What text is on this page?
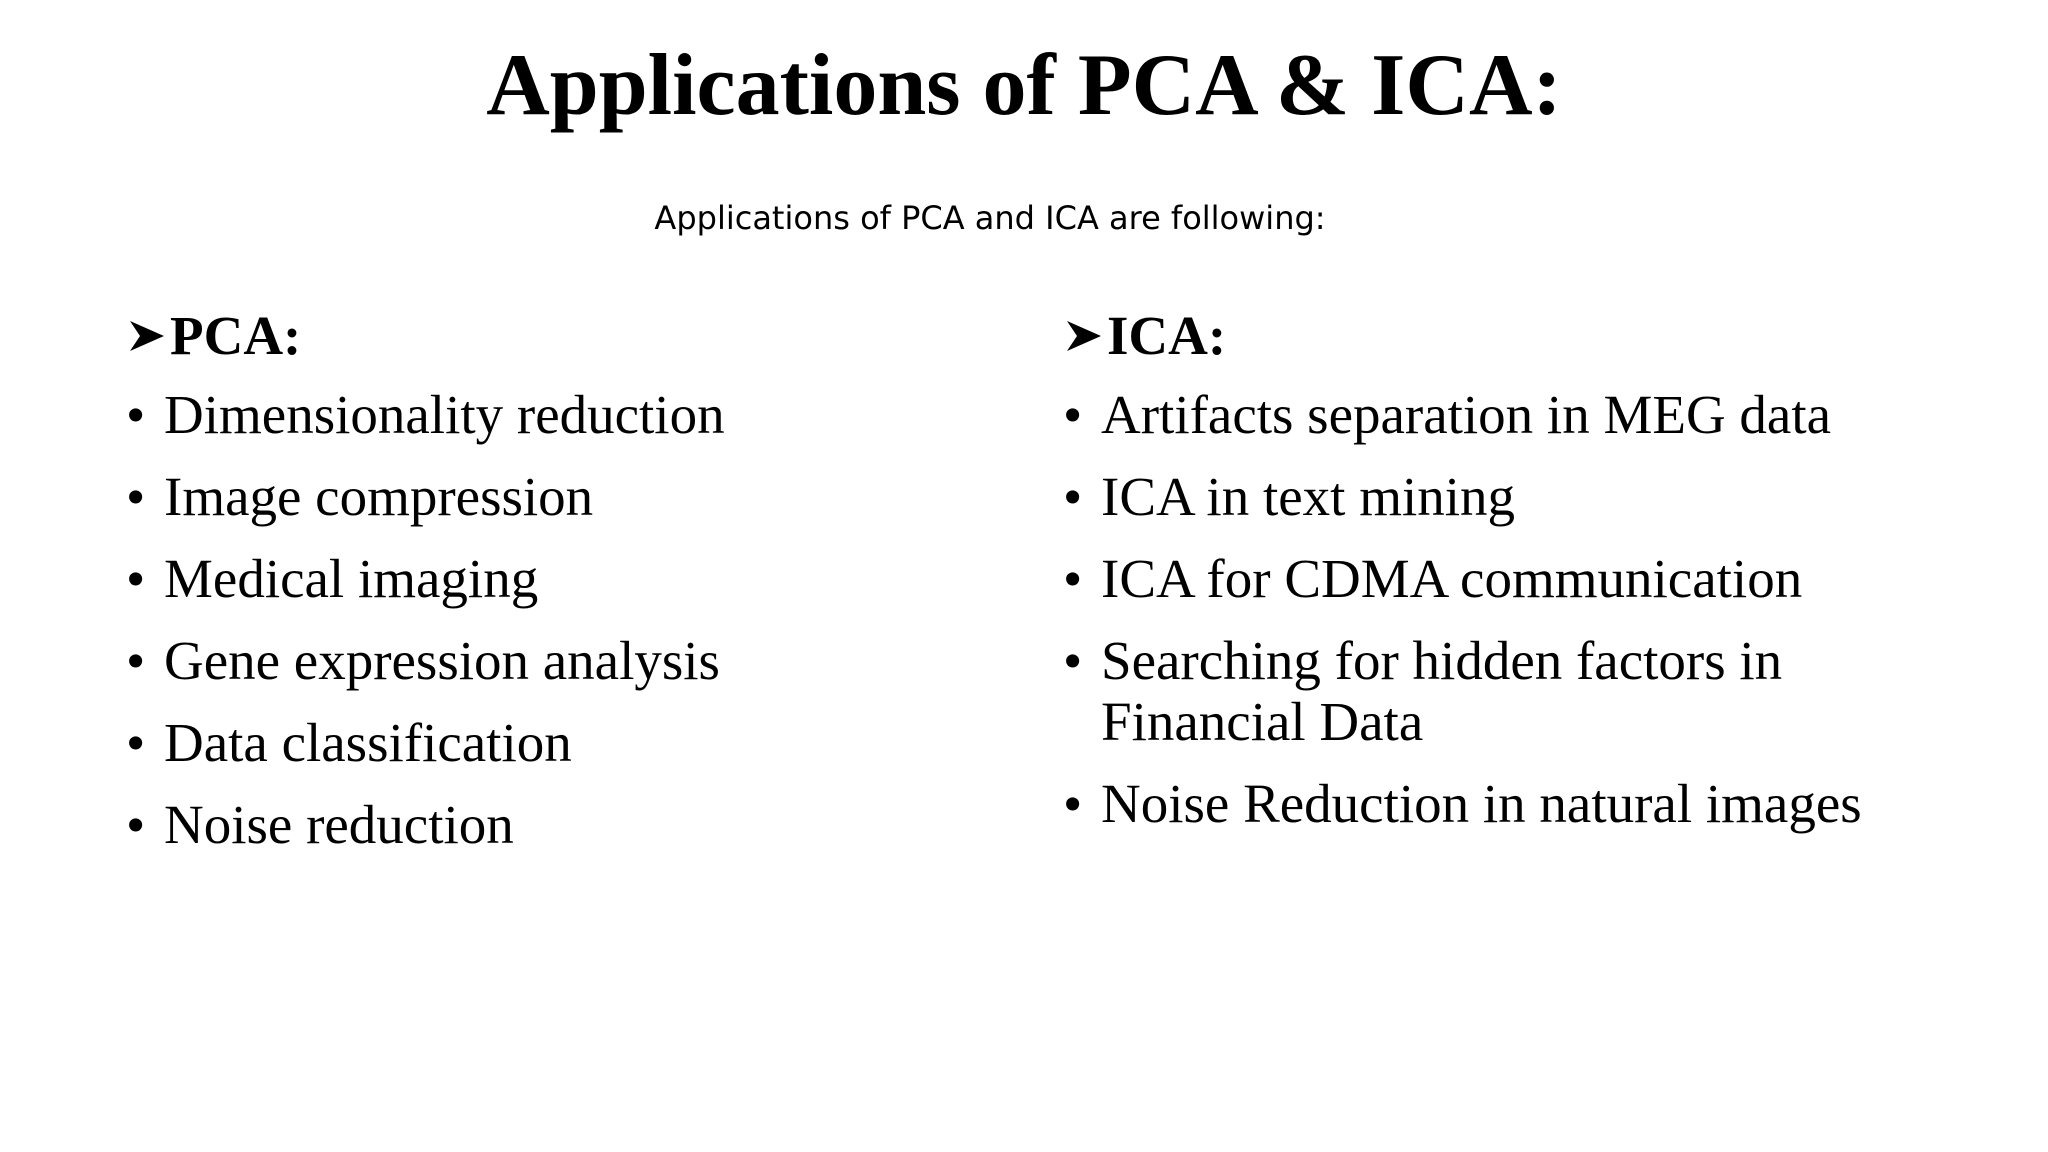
Applications of PCA & ICA:

Applications of PCA and ICA are following:

PCA:
• Dimensionality reduction
• Image compression
• Medical imaging
• Gene expression analysis
• Data classification
• Noise reduction
ICA:
• Artifacts separation in MEG data
• ICA in text mining
• ICA for CDMA communication
• Searching for hidden factors in Financial Data
• Noise Reduction in natural images
